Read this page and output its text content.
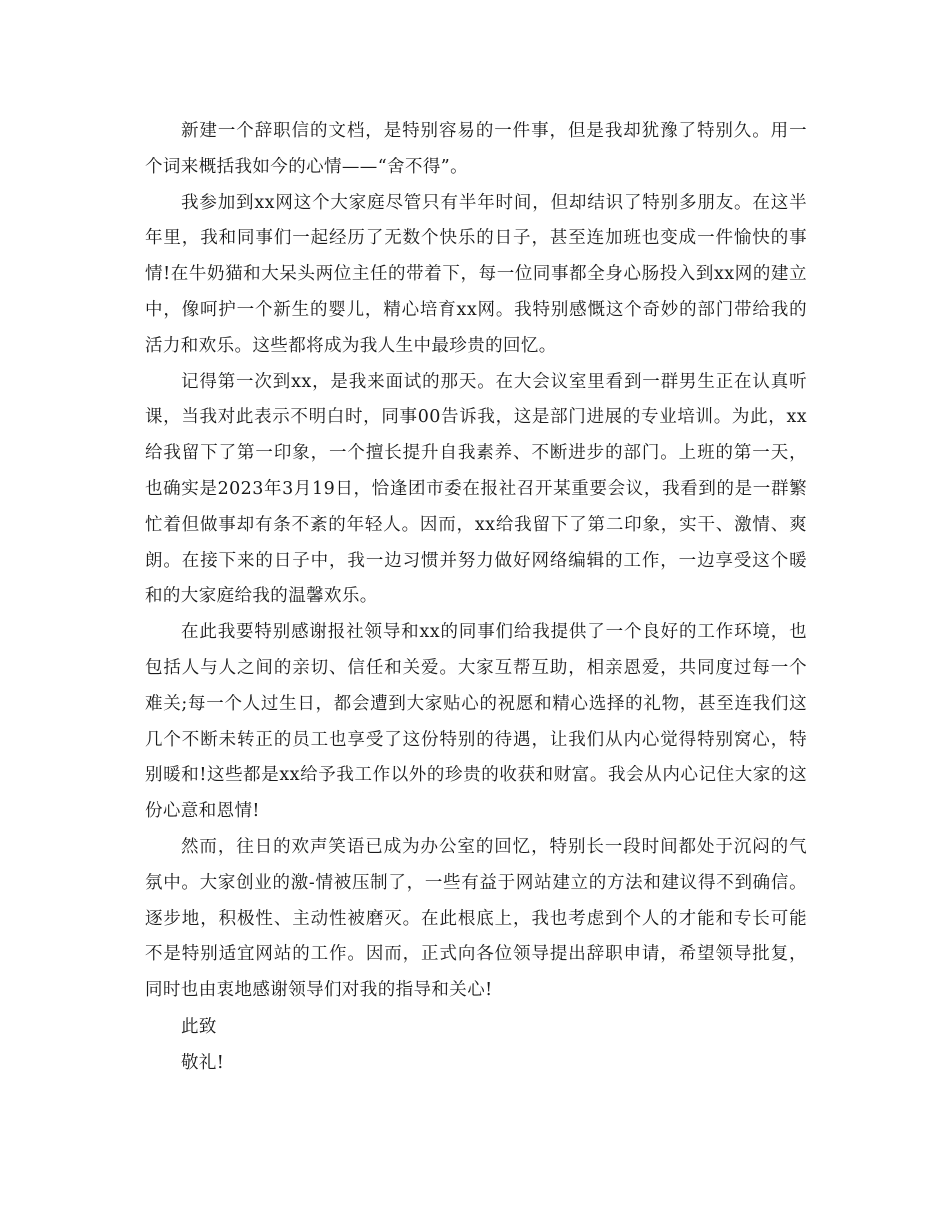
新建一个辞职信的文档，是特别容易的一件事，但是我却犹豫了特别久。用一个词来概括我如今的心情——“舍不得”。

我参加到xx网这个大家庭尽管只有半年时间，但却结识了特别多朋友。在这半年里，我和同事们一起经历了无数个快乐的日子，甚至连加班也变成一件愉快的事情!在牛奶猫和大呆头两位主任的带着下，每一位同事都全身心肠投入到xx网的建立中，像呵护一个新生的婴儿，精心培育xx网。我特别感慨这个奇妙的部门带给我的活力和欢乐。这些都将成为我人生中最珍贵的回忆。

记得第一次到xx，是我来面试的那天。在大会议室里看到一群男生正在认真听课，当我对此表示不明白时，同事00告诉我，这是部门进展的专业培训。为此，xx给我留下了第一印象，一个擅长提升自我素养、不断进步的部门。上班的第一天，也确实是2023年3月19日，恰逢团市委在报社召开某重要会议，我看到的是一群繁忙着但做事却有条不紊的年轻人。因而，xx给我留下了第二印象，实干、激情、爽朗。在接下来的日子中，我一边习惯并努力做好网络编辑的工作，一边享受这个暖和的大家庭给我的温馨欢乐。

在此我要特别感谢报社领导和xx的同事们给我提供了一个良好的工作环境，也包括人与人之间的亲切、信任和关爱。大家互帮互助，相亲恩爱，共同度过每一个难关;每一个人过生日，都会遭到大家贴心的祝愿和精心选择的礼物，甚至连我们这几个不断未转正的员工也享受了这份特别的待遇，让我们从内心觉得特别窝心，特别暖和!这些都是xx给予我工作以外的珍贵的收获和财富。我会从内心记住大家的这份心意和恩情!

然而，往日的欢声笑语已成为办公室的回忆，特别长一段时间都处于沉闷的气氛中。大家创业的激-情被压制了，一些有益于网站建立的方法和建议得不到确信。逐步地，积极性、主动性被磨灭。在此根底上，我也考虑到个人的才能和专长可能不是特别适宜网站的工作。因而，正式向各位领导提出辞职申请，希望领导批复，同时也由衷地感谢领导们对我的指导和关心!

此致

敬礼!
